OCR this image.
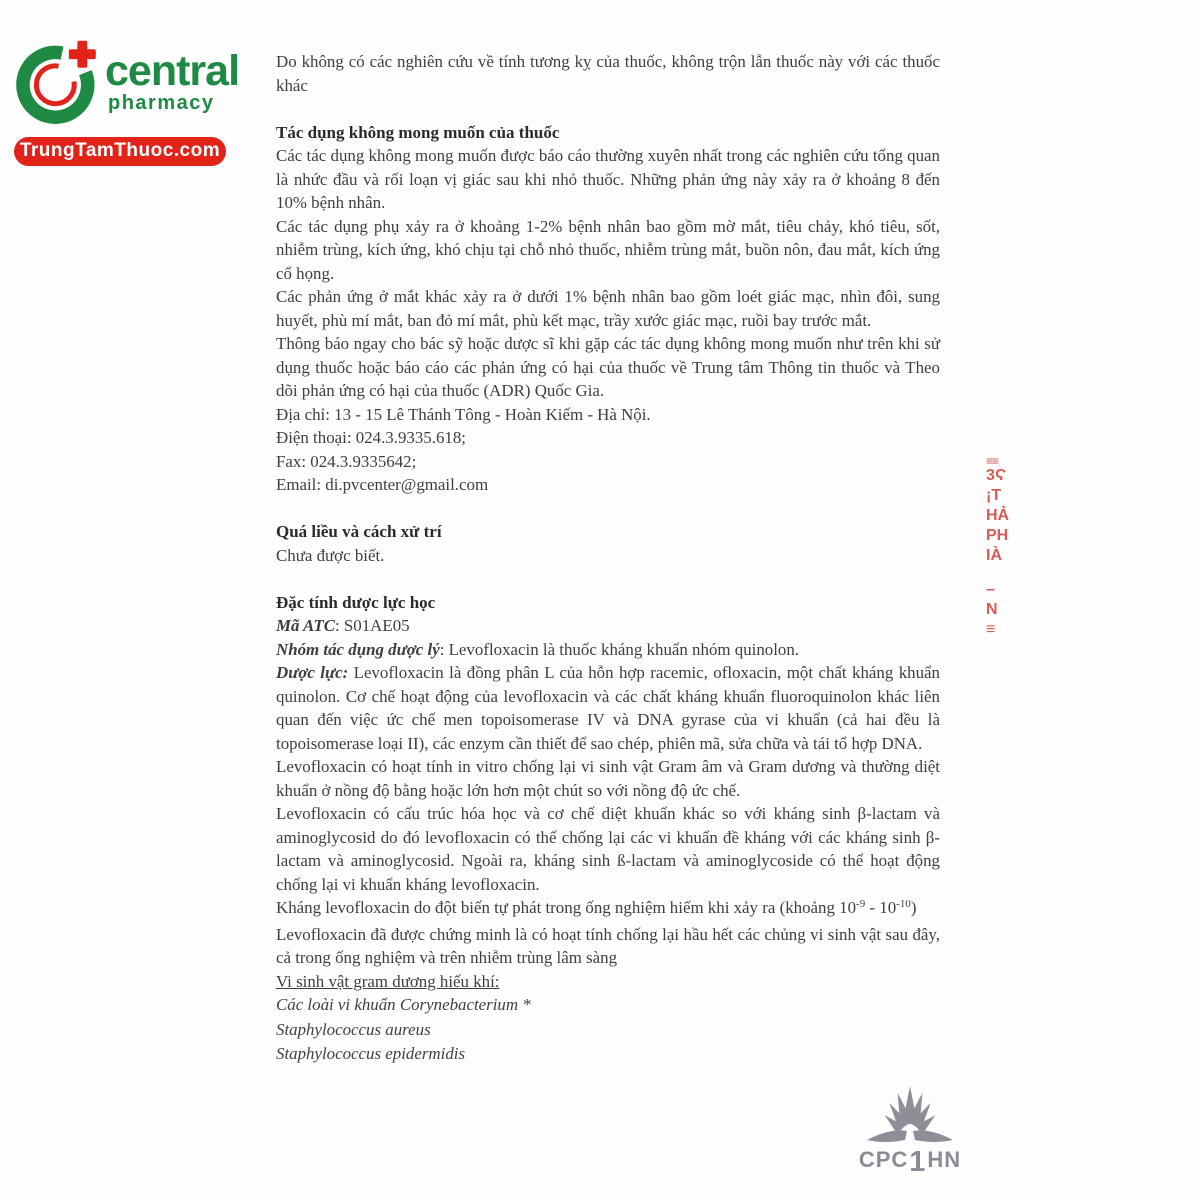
central
pharmacy
TrungTamThuoc.com

Do không có các nghiên cứu về tính tương kỵ của thuốc, không trộn lẫn thuốc này với các thuốc khác

Tác dụng không mong muốn của thuốc

Các tác dụng không mong muốn được báo cáo thường xuyên nhất trong các nghiên cứu tổng quan là nhức đầu và rối loạn vị giác sau khi nhỏ thuốc. Những phản ứng này xảy ra ở khoảng 8 đến 10% bệnh nhân.

Các tác dụng phụ xảy ra ở khoảng 1-2% bệnh nhân bao gồm mờ mắt, tiêu chảy, khó tiêu, sốt, nhiễm trùng, kích ứng, khó chịu tại chỗ nhỏ thuốc, nhiễm trùng mắt, buồn nôn, đau mắt, kích ứng cổ họng.

Các phản ứng ở mắt khác xảy ra ở dưới 1% bệnh nhân bao gồm loét giác mạc, nhìn đôi, sung huyết, phù mí mắt, ban đỏ mí mắt, phù kết mạc, trầy xước giác mạc, ruồi bay trước mắt.

Thông báo ngay cho bác sỹ hoặc dược sĩ khi gặp các tác dụng không mong muốn như trên khi sử dụng thuốc hoặc báo cáo các phản ứng có hại của thuốc về Trung tâm Thông tin thuốc và Theo dõi phản ứng có hại của thuốc (ADR) Quốc Gia.

Địa chỉ: 13 - 15 Lê Thánh Tông - Hoàn Kiếm - Hà Nội.

Điện thoại: 024.3.9335.618;

Fax: 024.3.9335642;

Email: di.pvcenter@gmail.com

Quá liều và cách xử trí

Chưa được biết.

Đặc tính dược lực học

Mã ATC: S01AE05

Nhóm tác dụng dược lý: Levofloxacin là thuốc kháng khuẩn nhóm quinolon.

Dược lực: Levofloxacin là đồng phân L của hỗn hợp racemic, ofloxacin, một chất kháng khuẩn quinolon. Cơ chế hoạt động của levofloxacin và các chất kháng khuẩn fluoroquinolon khác liên quan đến việc ức chế men topoisomerase IV và DNA gyrase của vi khuẩn (cả hai đều là topoisomerase loại II), các enzym cần thiết để sao chép, phiên mã, sửa chữa và tái tổ hợp DNA.

Levofloxacin có hoạt tính in vitro chống lại vi sinh vật Gram âm và Gram dương và thường diệt khuẩn ở nồng độ bằng hoặc lớn hơn một chút so với nồng độ ức chế.

Levofloxacin có cấu trúc hóa học và cơ chế diệt khuẩn khác so với kháng sinh β-lactam và aminoglycosid do đó levofloxacin có thể chống lại các vi khuẩn đề kháng với các kháng sinh β-lactam và aminoglycosid. Ngoài ra, kháng sinh ß-lactam và aminoglycoside có thể hoạt động chống lại vi khuẩn kháng levofloxacin.

Kháng levofloxacin do đột biến tự phát trong ống nghiệm hiếm khi xảy ra (khoảng $10^{-9} - 10^{-10}$)

Levofloxacin đã được chứng minh là có hoạt tính chống lại hầu hết các chủng vi sinh vật sau đây, cả trong ống nghiệm và trên nhiễm trùng lâm sàng

Vi sinh vật gram dương hiếu khí:

Các loài vi khuẩn Corynebacterium *

Staphylococcus aureus

Staphylococcus epidermidis

≡≡
3Ϛ
¡T
HẢ
PH
IÀ
–
N
≡
CPC 1 HN
